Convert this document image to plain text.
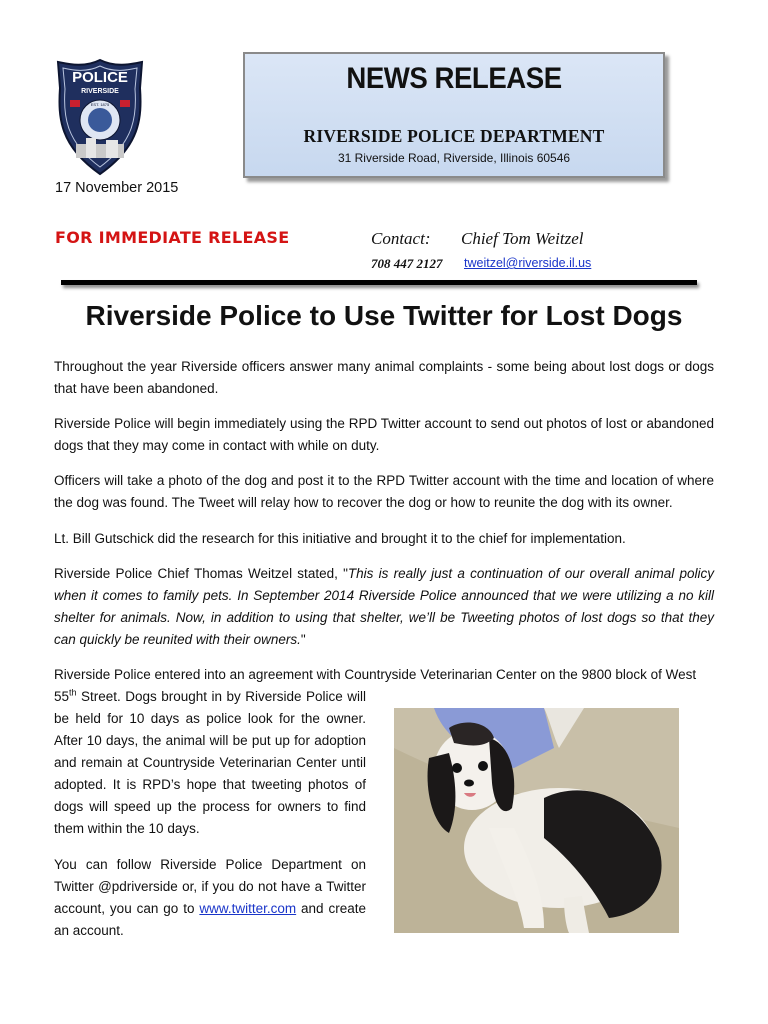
POLICE
RIVERSIDE
EST. 1875
NEWS RELEASE
RIVERSIDE POLICE DEPARTMENT
31 Riverside Road, Riverside, Illinois 60546
17 November 2015
FOR IMMEDIATE RELEASE	Contact: Chief Tom Weitzel
708 447 2127 tweitzel@riverside.il.us
Riverside Police to Use Twitter for Lost Dogs

Throughout the year Riverside officers answer many animal complaints - some being about lost dogs or dogs that have been abandoned.

Riverside Police will begin immediately using the RPD Twitter account to send out photos of lost or abandoned dogs that they may come in contact with while on duty.

Officers will take a photo of the dog and post it to the RPD Twitter account with the time and location of where the dog was found. The Tweet will relay how to recover the dog or how to reunite the dog with its owner.

Lt. Bill Gutschick did the research for this initiative and brought it to the chief for implementation.

Riverside Police Chief Thomas Weitzel stated, "This is really just a continuation of our overall animal policy when it comes to family pets. In September 2014 Riverside Police announced that we were utilizing a no kill shelter for animals. Now, in addition to using that shelter, we’ll be Tweeting photos of lost dogs so that they can quickly be reunited with their owners."

Riverside Police entered into an agreement with Countryside Veterinarian Center on the 9800 block of West

55th Street. Dogs brought in by Riverside Police will be held for 10 days as police look for the owner. After 10 days, the animal will be put up for adoption and remain at Countryside Veterinarian Center until adopted. It is RPD’s hope that tweeting photos of dogs will speed up the process for owners to find them within the 10 days.

You can follow Riverside Police Department on Twitter @pdriverside or, if you do not have a Twitter account, you can go to www.twitter.com and create an account.
